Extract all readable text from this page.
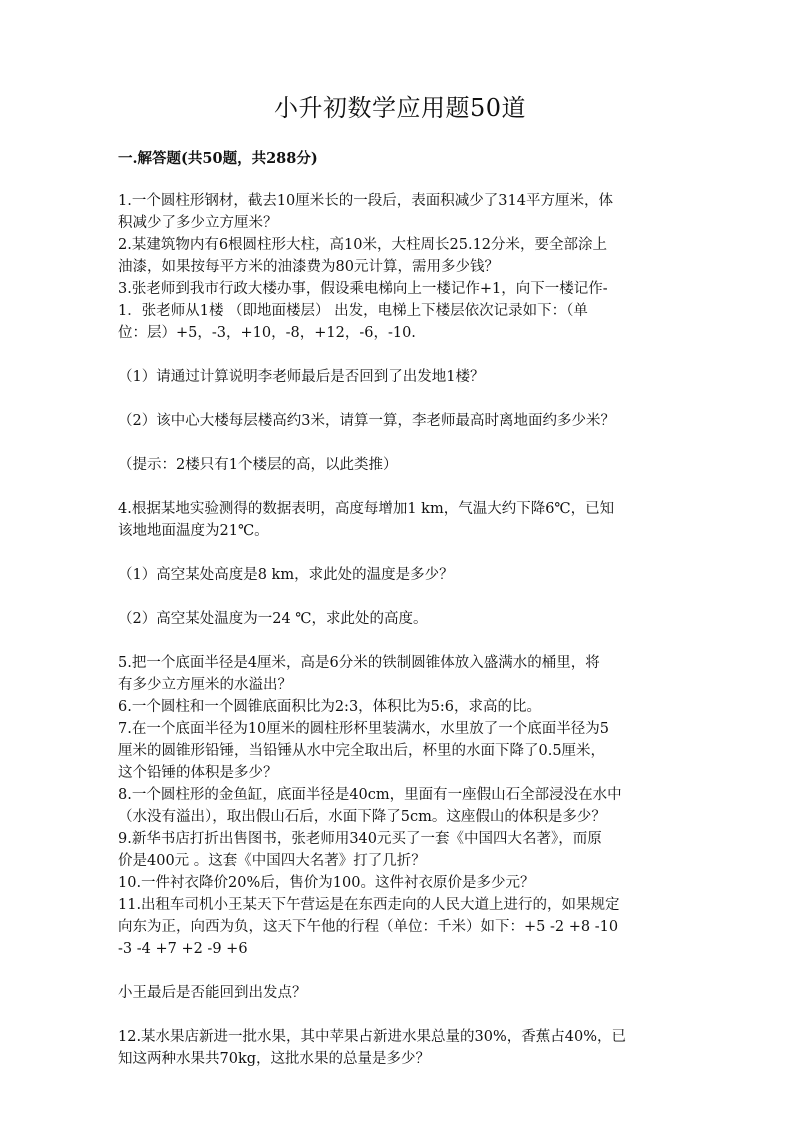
小升初数学应用题50道
一.解答题(共50题，共288分)

1.一个圆柱形钢材，截去10厘米长的一段后，表面积减少了314平方厘米，体

积减少了多少立方厘米？

2.某建筑物内有6根圆柱形大柱，高10米，大柱周长25.12分米，要全部涂上

油漆，如果按每平方米的油漆费为80元计算，需用多少钱？

3.张老师到我市行政大楼办事，假设乘电梯向上一楼记作+1，向下一楼记作-

1．张老师从1楼 （即地面楼层） 出发，电梯上下楼层依次记录如下：（单

位：层）+5，-3，+10，-8，+12，-6，-10.

（1）请通过计算说明李老师最后是否回到了出发地1楼？

（2）该中心大楼每层楼高约3米，请算一算，李老师最高时离地面约多少米？

（提示：2楼只有1个楼层的高，以此类推）

4.根据某地实验测得的数据表明，高度每增加1 km，气温大约下降6℃，已知

该地地面温度为21℃。

（1）高空某处高度是8 km，求此处的温度是多少？

（2）高空某处温度为一24 ℃，求此处的高度。

5.把一个底面半径是4厘米，高是6分米的铁制圆锥体放入盛满水的桶里，将

有多少立方厘米的水溢出？

6.一个圆柱和一个圆锥底面积比为2:3，体积比为5:6，求高的比。

7.在一个底面半径为10厘米的圆柱形杯里装满水，水里放了一个底面半径为5

厘米的圆锥形铅锤，当铅锤从水中完全取出后，杯里的水面下降了0.5厘米，

这个铅锤的体积是多少？

8.一个圆柱形的金鱼缸，底面半径是40cm，里面有一座假山石全部浸没在水中

（水没有溢出），取出假山石后，水面下降了5cm。这座假山的体积是多少？

9.新华书店打折出售图书，张老师用340元买了一套《中国四大名著》，而原

价是400元 。这套《中国四大名著》打了几折？

10.一件衬衣降价20%后，售价为100。这件衬衣原价是多少元？

11.出租车司机小王某天下午营运是在东西走向的人民大道上进行的，如果规定

向东为正，向西为负，这天下午他的行程（单位：千米）如下：+5 -2 +8 -10

-3 -4 +7 +2 -9 +6

小王最后是否能回到出发点？

12.某水果店新进一批水果，其中苹果占新进水果总量的30%，香蕉占40%，已

知这两种水果共70kg，这批水果的总量是多少？
